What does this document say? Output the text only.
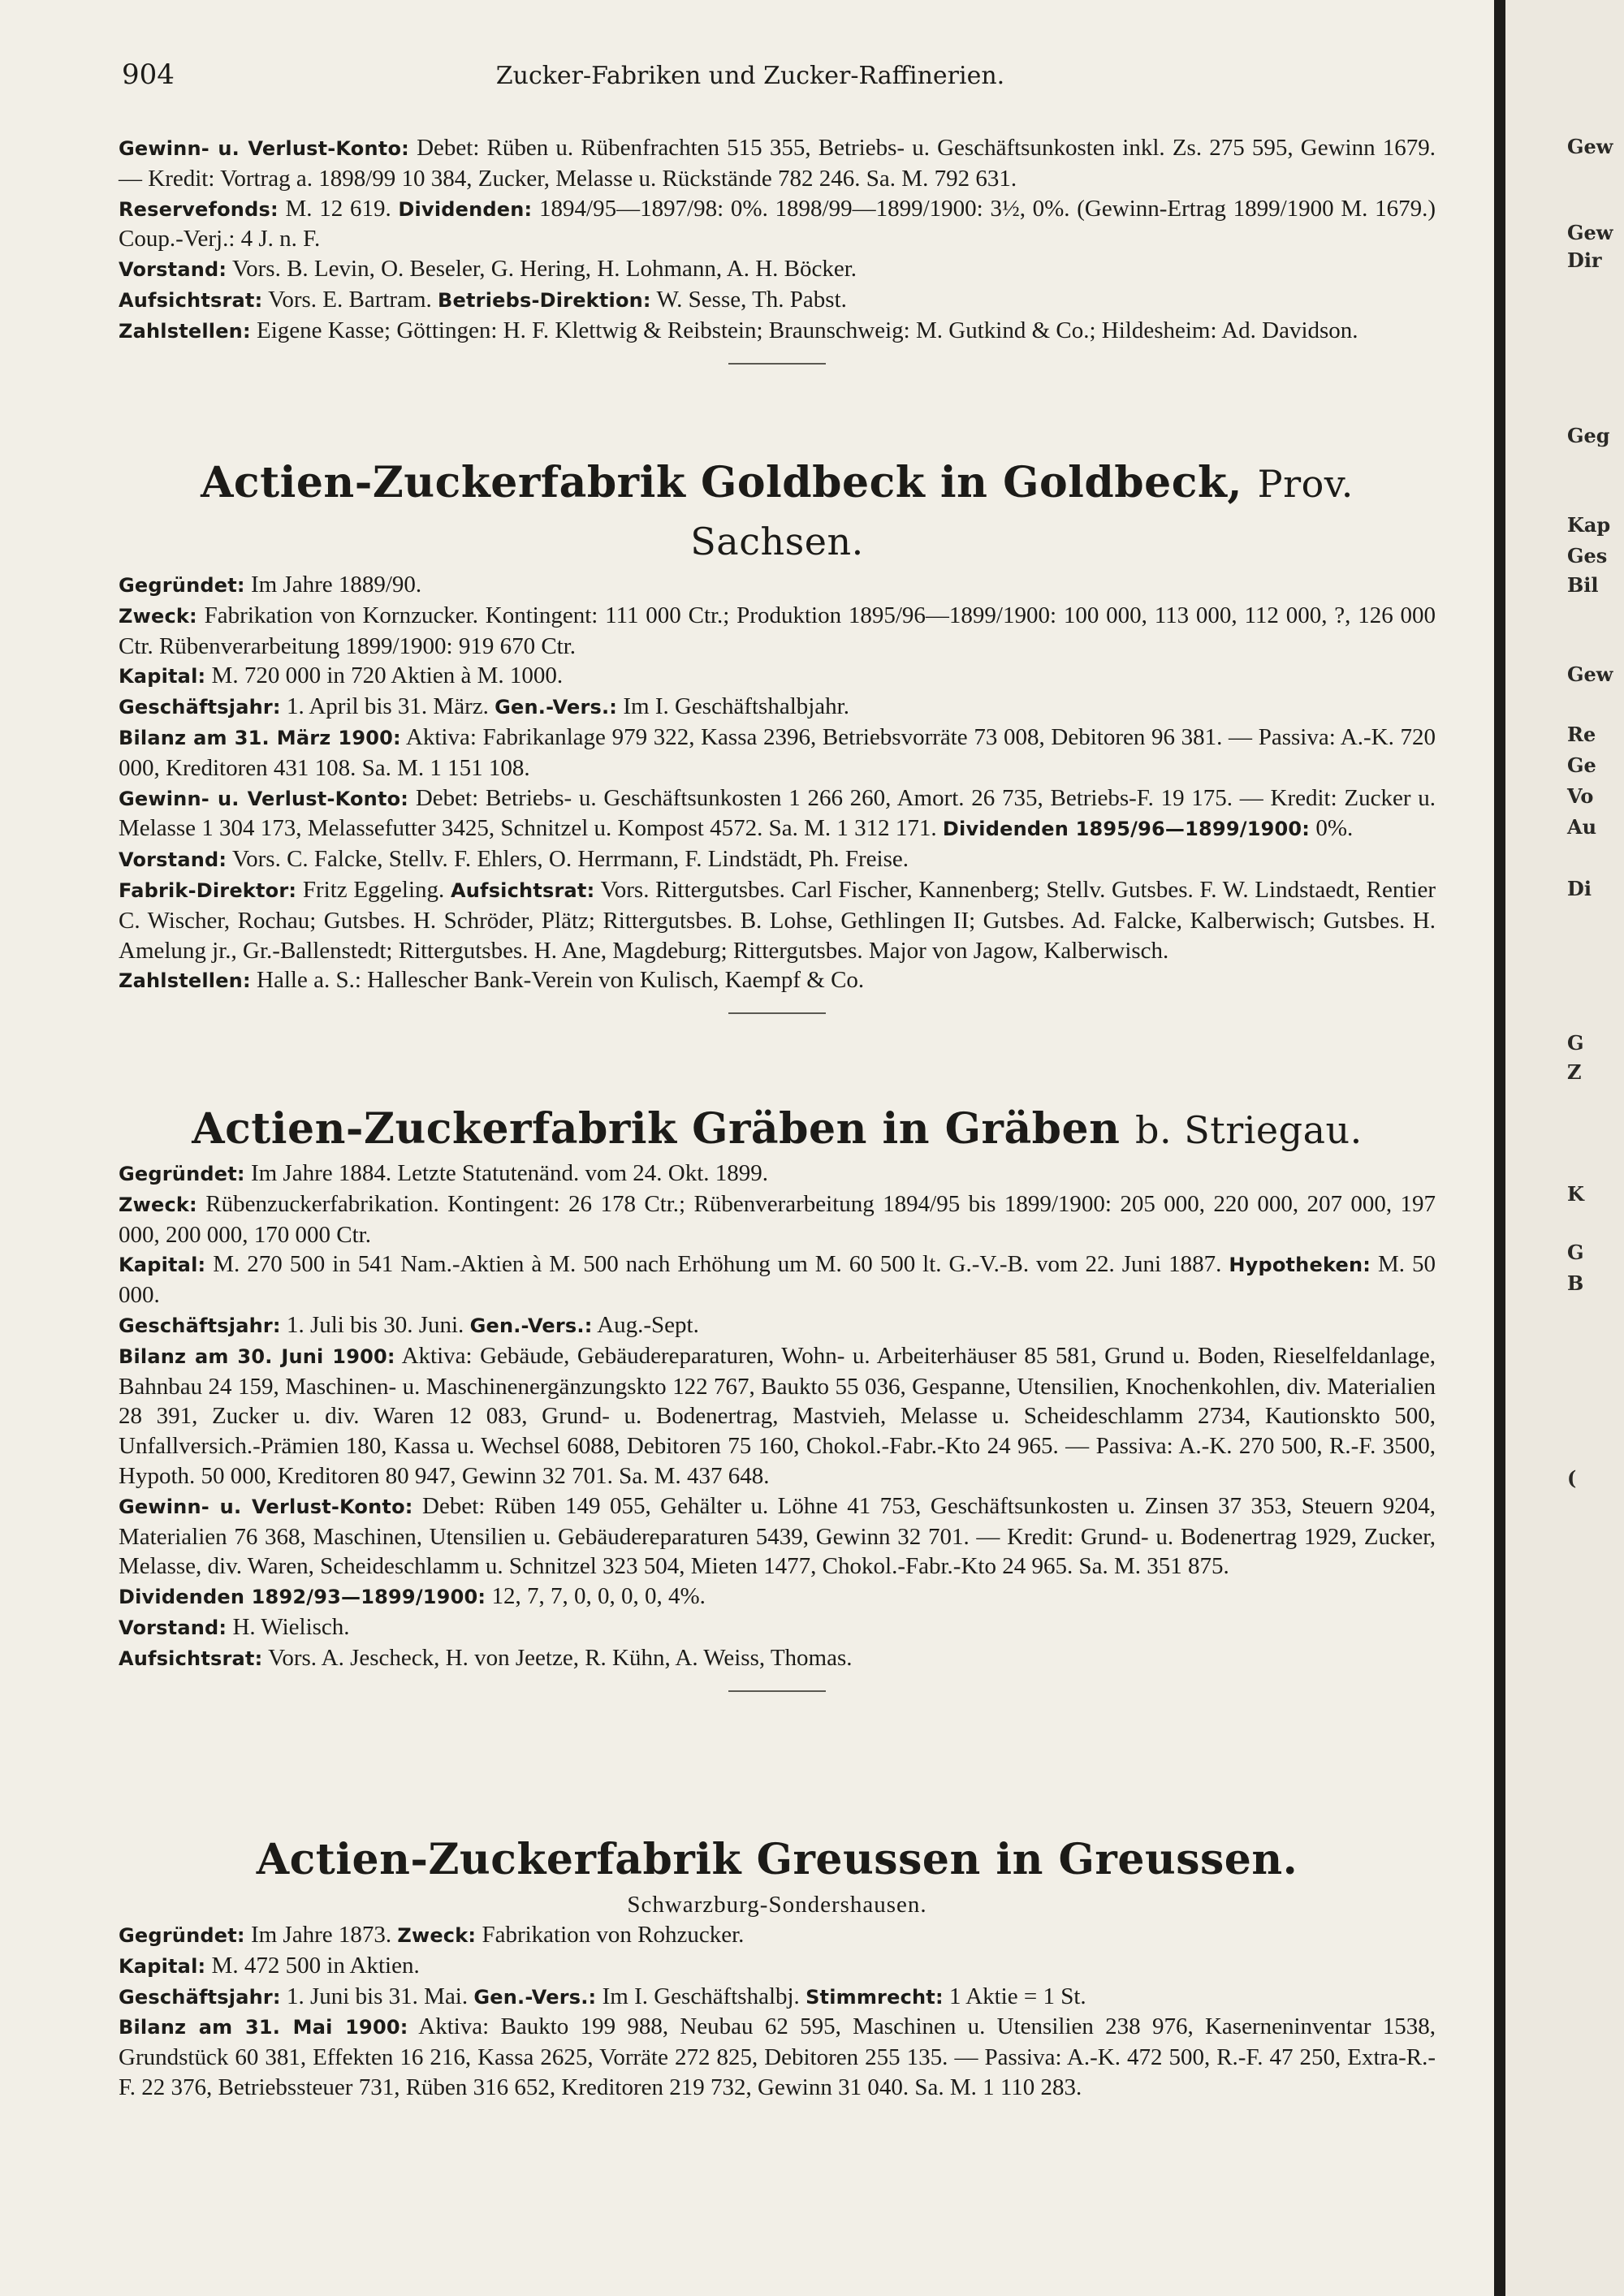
904	Zucker-Fabriken und Zucker-Raffinerien.

Gewinn- u. Verlust-Konto: Debet: Rüben u. Rübenfrachten 515 355, Betriebs- u. Geschäftsunkosten inkl. Zs. 275 595, Gewinn 1679. — Kredit: Vortrag a. 1898/99 10 384, Zucker, Melasse u. Rückstände 782 246. Sa. M. 792 631.

Reservefonds: M. 12 619. Dividenden: 1894/95—1897/98: 0%. 1898/99—1899/1900: 3½, 0%. (Gewinn-Ertrag 1899/1900 M. 1679.) Coup.-Verj.: 4 J. n. F.

Vorstand: Vors. B. Levin, O. Beseler, G. Hering, H. Lohmann, A. H. Böcker.

Aufsichtsrat: Vors. E. Bartram. Betriebs-Direktion: W. Sesse, Th. Pabst.

Zahlstellen: Eigene Kasse; Göttingen: H. F. Klettwig & Reibstein; Braunschweig: M. Gutkind & Co.; Hildesheim: Ad. Davidson.

Actien-Zuckerfabrik Goldbeck in Goldbeck, Prov. Sachsen.

Gegründet: Im Jahre 1889/90.

Zweck: Fabrikation von Kornzucker. Kontingent: 111 000 Ctr.; Produktion 1895/96—1899/1900: 100 000, 113 000, 112 000, ?, 126 000 Ctr. Rübenverarbeitung 1899/1900: 919 670 Ctr.

Kapital: M. 720 000 in 720 Aktien à M. 1000.

Geschäftsjahr: 1. April bis 31. März. Gen.-Vers.: Im I. Geschäftshalbjahr.

Bilanz am 31. März 1900: Aktiva: Fabrikanlage 979 322, Kassa 2396, Betriebsvorräte 73 008, Debitoren 96 381. — Passiva: A.-K. 720 000, Kreditoren 431 108. Sa. M. 1 151 108.

Gewinn- u. Verlust-Konto: Debet: Betriebs- u. Geschäftsunkosten 1 266 260, Amort. 26 735, Betriebs-F. 19 175. — Kredit: Zucker u. Melasse 1 304 173, Melassefutter 3425, Schnitzel u. Kompost 4572. Sa. M. 1 312 171. Dividenden 1895/96—1899/1900: 0%.

Vorstand: Vors. C. Falcke, Stellv. F. Ehlers, O. Herrmann, F. Lindstädt, Ph. Freise.

Fabrik-Direktor: Fritz Eggeling. Aufsichtsrat: Vors. Rittergutsbes. Carl Fischer, Kannenberg; Stellv. Gutsbes. F. W. Lindstaedt, Rentier C. Wischer, Rochau; Gutsbes. H. Schröder, Plätz; Rittergutsbes. B. Lohse, Gethlingen II; Gutsbes. Ad. Falcke, Kalberwisch; Gutsbes. H. Amelung jr., Gr.-Ballenstedt; Rittergutsbes. H. Ane, Magdeburg; Rittergutsbes. Major von Jagow, Kalberwisch.

Zahlstellen: Halle a. S.: Hallescher Bank-Verein von Kulisch, Kaempf & Co.

Actien-Zuckerfabrik Gräben in Gräben b. Striegau.

Gegründet: Im Jahre 1884. Letzte Statutenänd. vom 24. Okt. 1899.

Zweck: Rübenzuckerfabrikation. Kontingent: 26 178 Ctr.; Rübenverarbeitung 1894/95 bis 1899/1900: 205 000, 220 000, 207 000, 197 000, 200 000, 170 000 Ctr.

Kapital: M. 270 500 in 541 Nam.-Aktien à M. 500 nach Erhöhung um M. 60 500 lt. G.-V.-B. vom 22. Juni 1887. Hypotheken: M. 50 000.

Geschäftsjahr: 1. Juli bis 30. Juni. Gen.-Vers.: Aug.-Sept.

Bilanz am 30. Juni 1900: Aktiva: Gebäude, Gebäudereparaturen, Wohn- u. Arbeiterhäuser 85 581, Grund u. Boden, Rieselfeldanlage, Bahnbau 24 159, Maschinen- u. Maschinenergänzungskto 122 767, Baukto 55 036, Gespanne, Utensilien, Knochenkohlen, div. Materialien 28 391, Zucker u. div. Waren 12 083, Grund- u. Bodenertrag, Mastvieh, Melasse u. Scheideschlamm 2734, Kautionskto 500, Unfallversich.-Prämien 180, Kassa u. Wechsel 6088, Debitoren 75 160, Chokol.-Fabr.-Kto 24 965. — Passiva: A.-K. 270 500, R.-F. 3500, Hypoth. 50 000, Kreditoren 80 947, Gewinn 32 701. Sa. M. 437 648.

Gewinn- u. Verlust-Konto: Debet: Rüben 149 055, Gehälter u. Löhne 41 753, Geschäftsunkosten u. Zinsen 37 353, Steuern 9204, Materialien 76 368, Maschinen, Utensilien u. Gebäudereparaturen 5439, Gewinn 32 701. — Kredit: Grund- u. Bodenertrag 1929, Zucker, Melasse, div. Waren, Scheideschlamm u. Schnitzel 323 504, Mieten 1477, Chokol.-Fabr.-Kto 24 965. Sa. M. 351 875.

Dividenden 1892/93—1899/1900: 12, 7, 7, 0, 0, 0, 0, 4%.

Vorstand: H. Wielisch.

Aufsichtsrat: Vors. A. Jescheck, H. von Jeetze, R. Kühn, A. Weiss, Thomas.

Actien-Zuckerfabrik Greussen in Greussen.

Schwarzburg-Sondershausen.

Gegründet: Im Jahre 1873. Zweck: Fabrikation von Rohzucker.

Kapital: M. 472 500 in Aktien.

Geschäftsjahr: 1. Juni bis 31. Mai. Gen.-Vers.: Im I. Geschäftshalbj. Stimmrecht: 1 Aktie = 1 St.

Bilanz am 31. Mai 1900: Aktiva: Baukto 199 988, Neubau 62 595, Maschinen u. Utensilien 238 976, Kaserneninventar 1538, Grundstück 60 381, Effekten 16 216, Kassa 2625, Vorräte 272 825, Debitoren 255 135. — Passiva: A.-K. 472 500, R.-F. 47 250, Extra-R.-F. 22 376, Betriebssteuer 731, Rüben 316 652, Kreditoren 219 732, Gewinn 31 040. Sa. M. 1 110 283.

Gew
Gew
Dir
Geg
Kap
Ges
Bil
Gew
Re
Ge
Vo
Au
Di
G
Z
K
G
B
(
